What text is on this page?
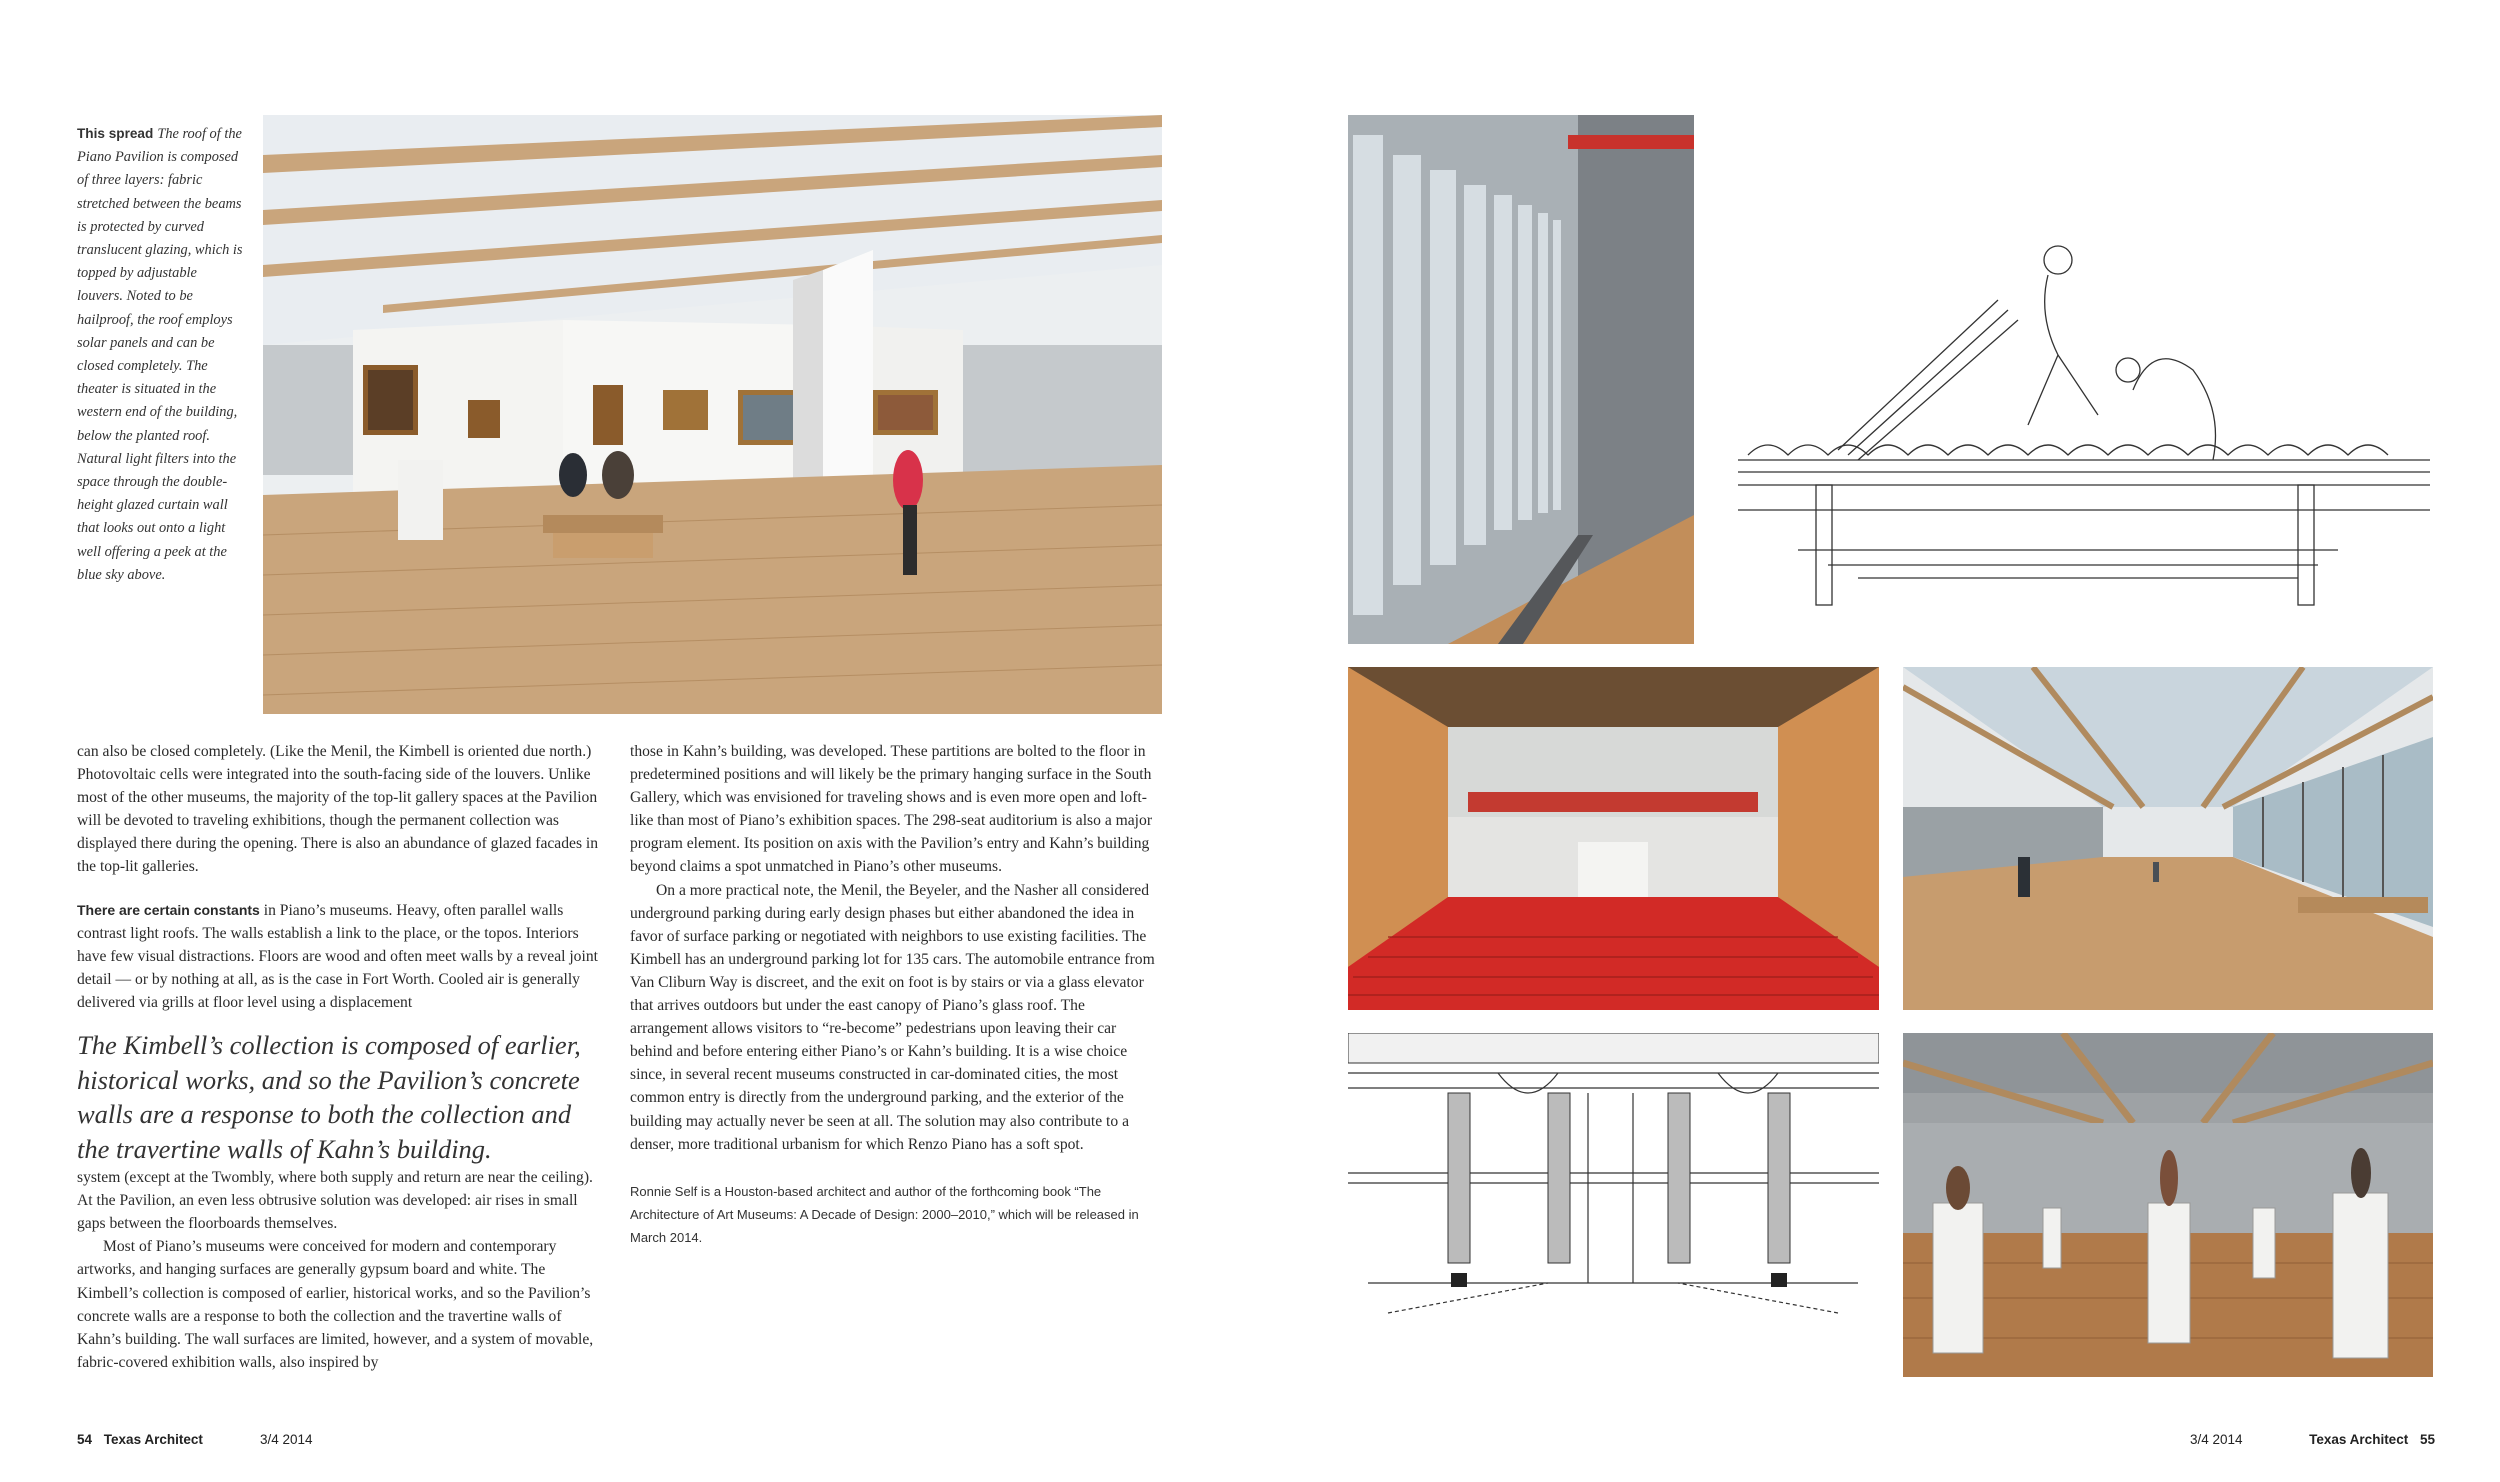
This spread The roof of the Piano Pavilion is composed of three layers: fabric stretched between the beams is protected by curved translucent glazing, which is topped by adjustable louvers. Noted to be hailproof, the roof employs solar panels and can be closed completely. The theater is situated in the western end of the building, below the planted roof. Natural light filters into the space through the double-height glazed curtain wall that looks out onto a light well offering a peek at the blue sky above.

can also be closed completely. (Like the Menil, the Kimbell is oriented due north.) Photovoltaic cells were integrated into the south-facing side of the louvers. Unlike most of the other museums, the majority of the top-lit gallery spaces at the Pavilion will be devoted to traveling exhibitions, though the permanent collection was displayed there during the opening. There is also an abundance of glazed facades in the top-lit galleries.

There are certain constants in Piano’s museums. Heavy, often parallel walls contrast light roofs. The walls establish a link to the place, or the topos. Interiors have few visual distractions. Floors are wood and often meet walls by a reveal joint detail — or by nothing at all, as is the case in Fort Worth. Cooled air is generally delivered via grills at floor level using a displacement

The Kimbell’s collection is composed of earlier, historical works, and so the Pavilion’s concrete walls are a response to both the collection and the travertine walls of Kahn’s building.

system (except at the Twombly, where both supply and return are near the ceiling). At the Pavilion, an even less obtrusive solution was developed: air rises in small gaps between the floorboards themselves.

Most of Piano’s museums were conceived for modern and contemporary artworks, and hanging surfaces are generally gypsum board and white. The Kimbell’s collection is composed of earlier, historical works, and so the Pavilion’s concrete walls are a response to both the collection and the travertine walls of Kahn’s building. The wall surfaces are limited, however, and a system of movable, fabric-covered exhibition walls, also inspired by

those in Kahn’s building, was developed. These partitions are bolted to the floor in predetermined positions and will likely be the primary hanging surface in the South Gallery, which was envisioned for traveling shows and is even more open and loft-like than most of Piano’s exhibition spaces. The 298-seat auditorium is also a major program element. Its position on axis with the Pavilion’s entry and Kahn’s building beyond claims a spot unmatched in Piano’s other museums.

On a more practical note, the Menil, the Beyeler, and the Nasher all considered underground parking during early design phases but either abandoned the idea in favor of surface parking or negotiated with neighbors to use existing facilities. The Kimbell has an underground parking lot for 135 cars. The automobile entrance from Van Cliburn Way is discreet, and the exit on foot is by stairs or via a glass elevator that arrives outdoors but under the east canopy of Piano’s glass roof. The arrangement allows visitors to “re-become” pedestrians upon leaving their car behind and before entering either Piano’s or Kahn’s building. It is a wise choice since, in several recent museums constructed in car-dominated cities, the most common entry is directly from the underground parking, and the exterior of the building may actually never be seen at all. The solution may also contribute to a denser, more traditional urbanism for which Renzo Piano has a soft spot.

Ronnie Self is a Houston-based architect and author of the forthcoming book “The Architecture of Art Museums: A Decade of Design: 2000–2010,” which will be released in March 2014.

54 Texas Architect	3/4 2014	3/4 2014	Texas Architect 55
